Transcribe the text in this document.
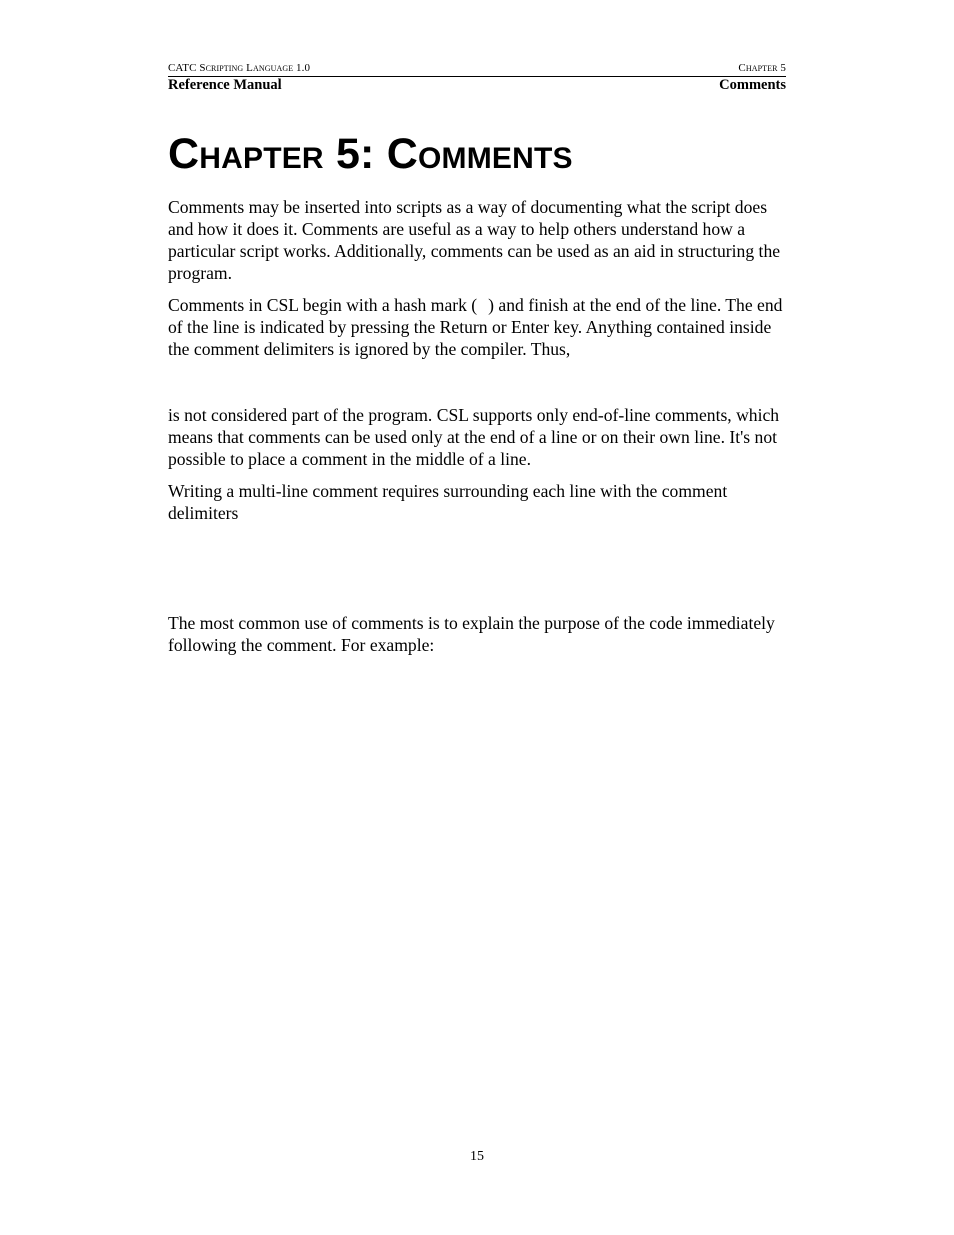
CATC Scripting Language 1.0	Chapter 5
Reference Manual	Comments
Chapter 5: Comments

Comments may be inserted into scripts as a way of documenting what the script does and how it does it. Comments are useful as a way to help others understand how a particular script works. Additionally, comments can be used as an aid in structuring the program.

Comments in CSL begin with a hash mark ( ) and finish at the end of the line. The end of the line is indicated by pressing the Return or Enter key. Anything contained inside the comment delimiters is ignored by the compiler. Thus,

is not considered part of the program. CSL supports only end-of-line comments, which means that comments can be used only at the end of a line or on their own line. It's not possible to place a comment in the middle of a line.

Writing a multi-line comment requires surrounding each line with the comment delimiters

The most common use of comments is to explain the purpose of the code immediately following the comment. For example:

15
